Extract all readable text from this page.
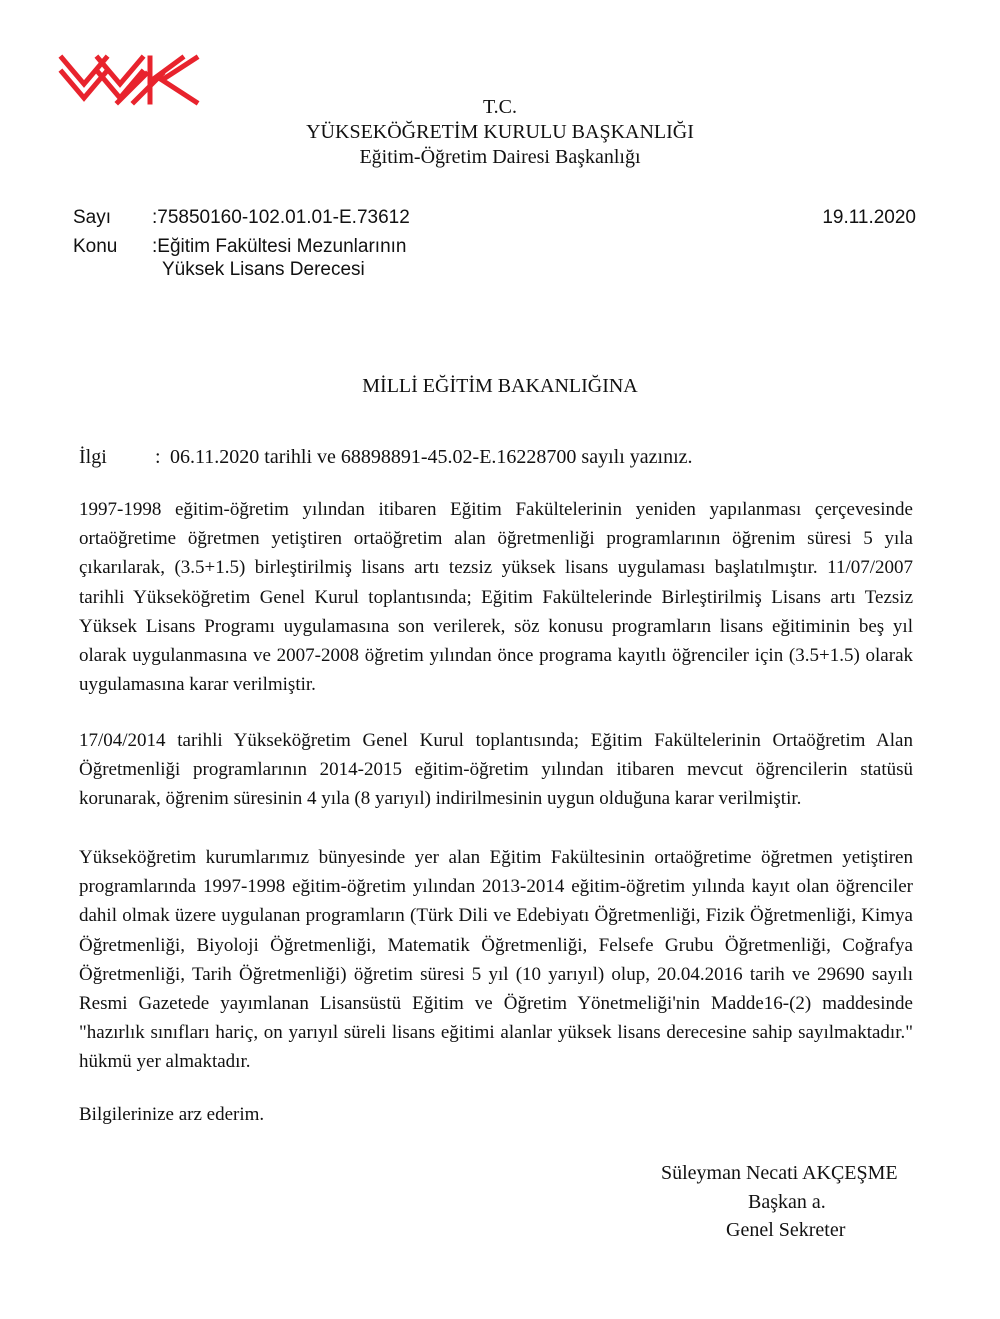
T.C.
YÜKSEKÖĞRETİM KURULU BAŞKANLIĞI
Eğitim-Öğretim Dairesi Başkanlığı
Sayı :75850160-102.01.01-E.73612	19.11.2020
Konu :Eğitim Fakültesi Mezunlarının
Yüksek Lisans Derecesi
MİLLİ EĞİTİM BAKANLIĞINA
İlgi : 06.11.2020 tarihli ve 68898891-45.02-E.16228700 sayılı yazınız.
1997-1998 eğitim-öğretim yılından itibaren Eğitim Fakültelerinin yeniden yapılanması çerçevesinde ortaöğretime öğretmen yetiştiren ortaöğretim alan öğretmenliği programlarının öğrenim süresi 5 yıla çıkarılarak, (3.5+1.5) birleştirilmiş lisans artı tezsiz yüksek lisans uygulaması başlatılmıştır. 11/07/2007 tarihli Yükseköğretim Genel Kurul toplantısında; Eğitim Fakültelerinde Birleştirilmiş Lisans artı Tezsiz Yüksek Lisans Programı uygulamasına son verilerek, söz konusu programların lisans eğitiminin beş yıl olarak uygulanmasına ve 2007-2008 öğretim yılından önce programa kayıtlı öğrenciler için (3.5+1.5) olarak uygulamasına karar verilmiştir.
17/04/2014 tarihli Yükseköğretim Genel Kurul toplantısında; Eğitim Fakültelerinin Ortaöğretim Alan Öğretmenliği programlarının 2014-2015 eğitim-öğretim yılından itibaren mevcut öğrencilerin statüsü korunarak, öğrenim süresinin 4 yıla (8 yarıyıl) indirilmesinin uygun olduğuna karar verilmiştir.
Yükseköğretim kurumlarımız bünyesinde yer alan Eğitim Fakültesinin ortaöğretime öğretmen yetiştiren programlarında 1997-1998 eğitim-öğretim yılından 2013-2014 eğitim-öğretim yılında kayıt olan öğrenciler dahil olmak üzere uygulanan programların (Türk Dili ve Edebiyatı Öğretmenliği, Fizik Öğretmenliği, Kimya Öğretmenliği, Biyoloji Öğretmenliği, Matematik Öğretmenliği, Felsefe Grubu Öğretmenliği, Coğrafya Öğretmenliği, Tarih Öğretmenliği) öğretim süresi 5 yıl (10 yarıyıl) olup, 20.04.2016 tarih ve 29690 sayılı Resmi Gazetede yayımlanan Lisansüstü Eğitim ve Öğretim Yönetmeliği'nin Madde16-(2) maddesinde "hazırlık sınıfları hariç, on yarıyıl süreli lisans eğitimi alanlar yüksek lisans derecesine sahip sayılmaktadır." hükmü yer almaktadır.
Bilgilerinize arz ederim.
Süleyman Necati AKÇEŞME
Başkan a.
Genel Sekreter
